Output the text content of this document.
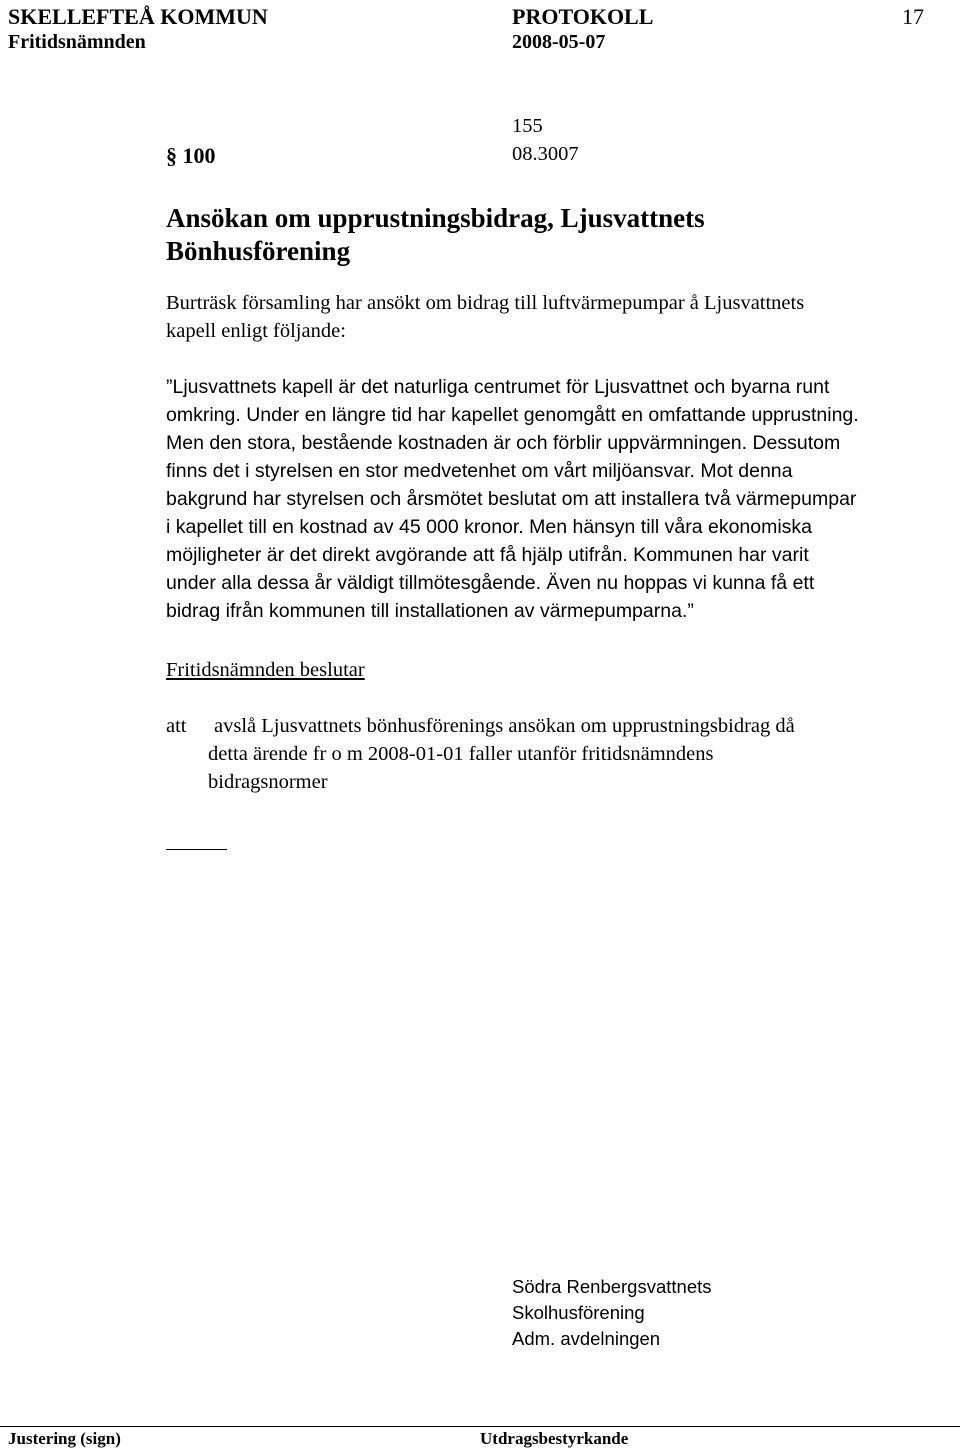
SKELLEFTEÅ KOMMUN
Fritidsnämnden
PROTOKOLL
2008-05-07
17
155
§ 100	08.3007
Ansökan om upprustningsbidrag, Ljusvattnets
Bönhusförening
Burträsk församling har ansökt om bidrag till luftvärmepumpar å Ljusvattnets
kapell enligt följande:
”Ljusvattnets kapell är det naturliga centrumet för Ljusvattnet och byarna runt
omkring. Under en längre tid har kapellet genomgått en omfattande upprustning.
Men den stora, bestående kostnaden är och förblir uppvärmningen. Dessutom
finns det i styrelsen en stor medvetenhet om vårt miljöansvar. Mot denna
bakgrund har styrelsen och årsmötet beslutat om att installera två värmepumpar
i kapellet till en kostnad av 45 000 kronor. Men hänsyn till våra ekonomiska
möjligheter är det direkt avgörande att få hjälp utifrån. Kommunen har varit
under alla dessa år väldigt tillmötesgående. Även nu hoppas vi kunna få ett
bidrag ifrån kommunen till installationen av värmepumparna.”
Fritidsnämnden beslutar
att avslå Ljusvattnets bönhusförenings ansökan om upprustningsbidrag då
detta ärende fr o m 2008-01-01 faller utanför fritidsnämndens
bidragsnormer
Södra Renbergsvattnets
Skolhusförening
Adm. avdelningen
Justering (sign)	Utdragsbestyrkande
